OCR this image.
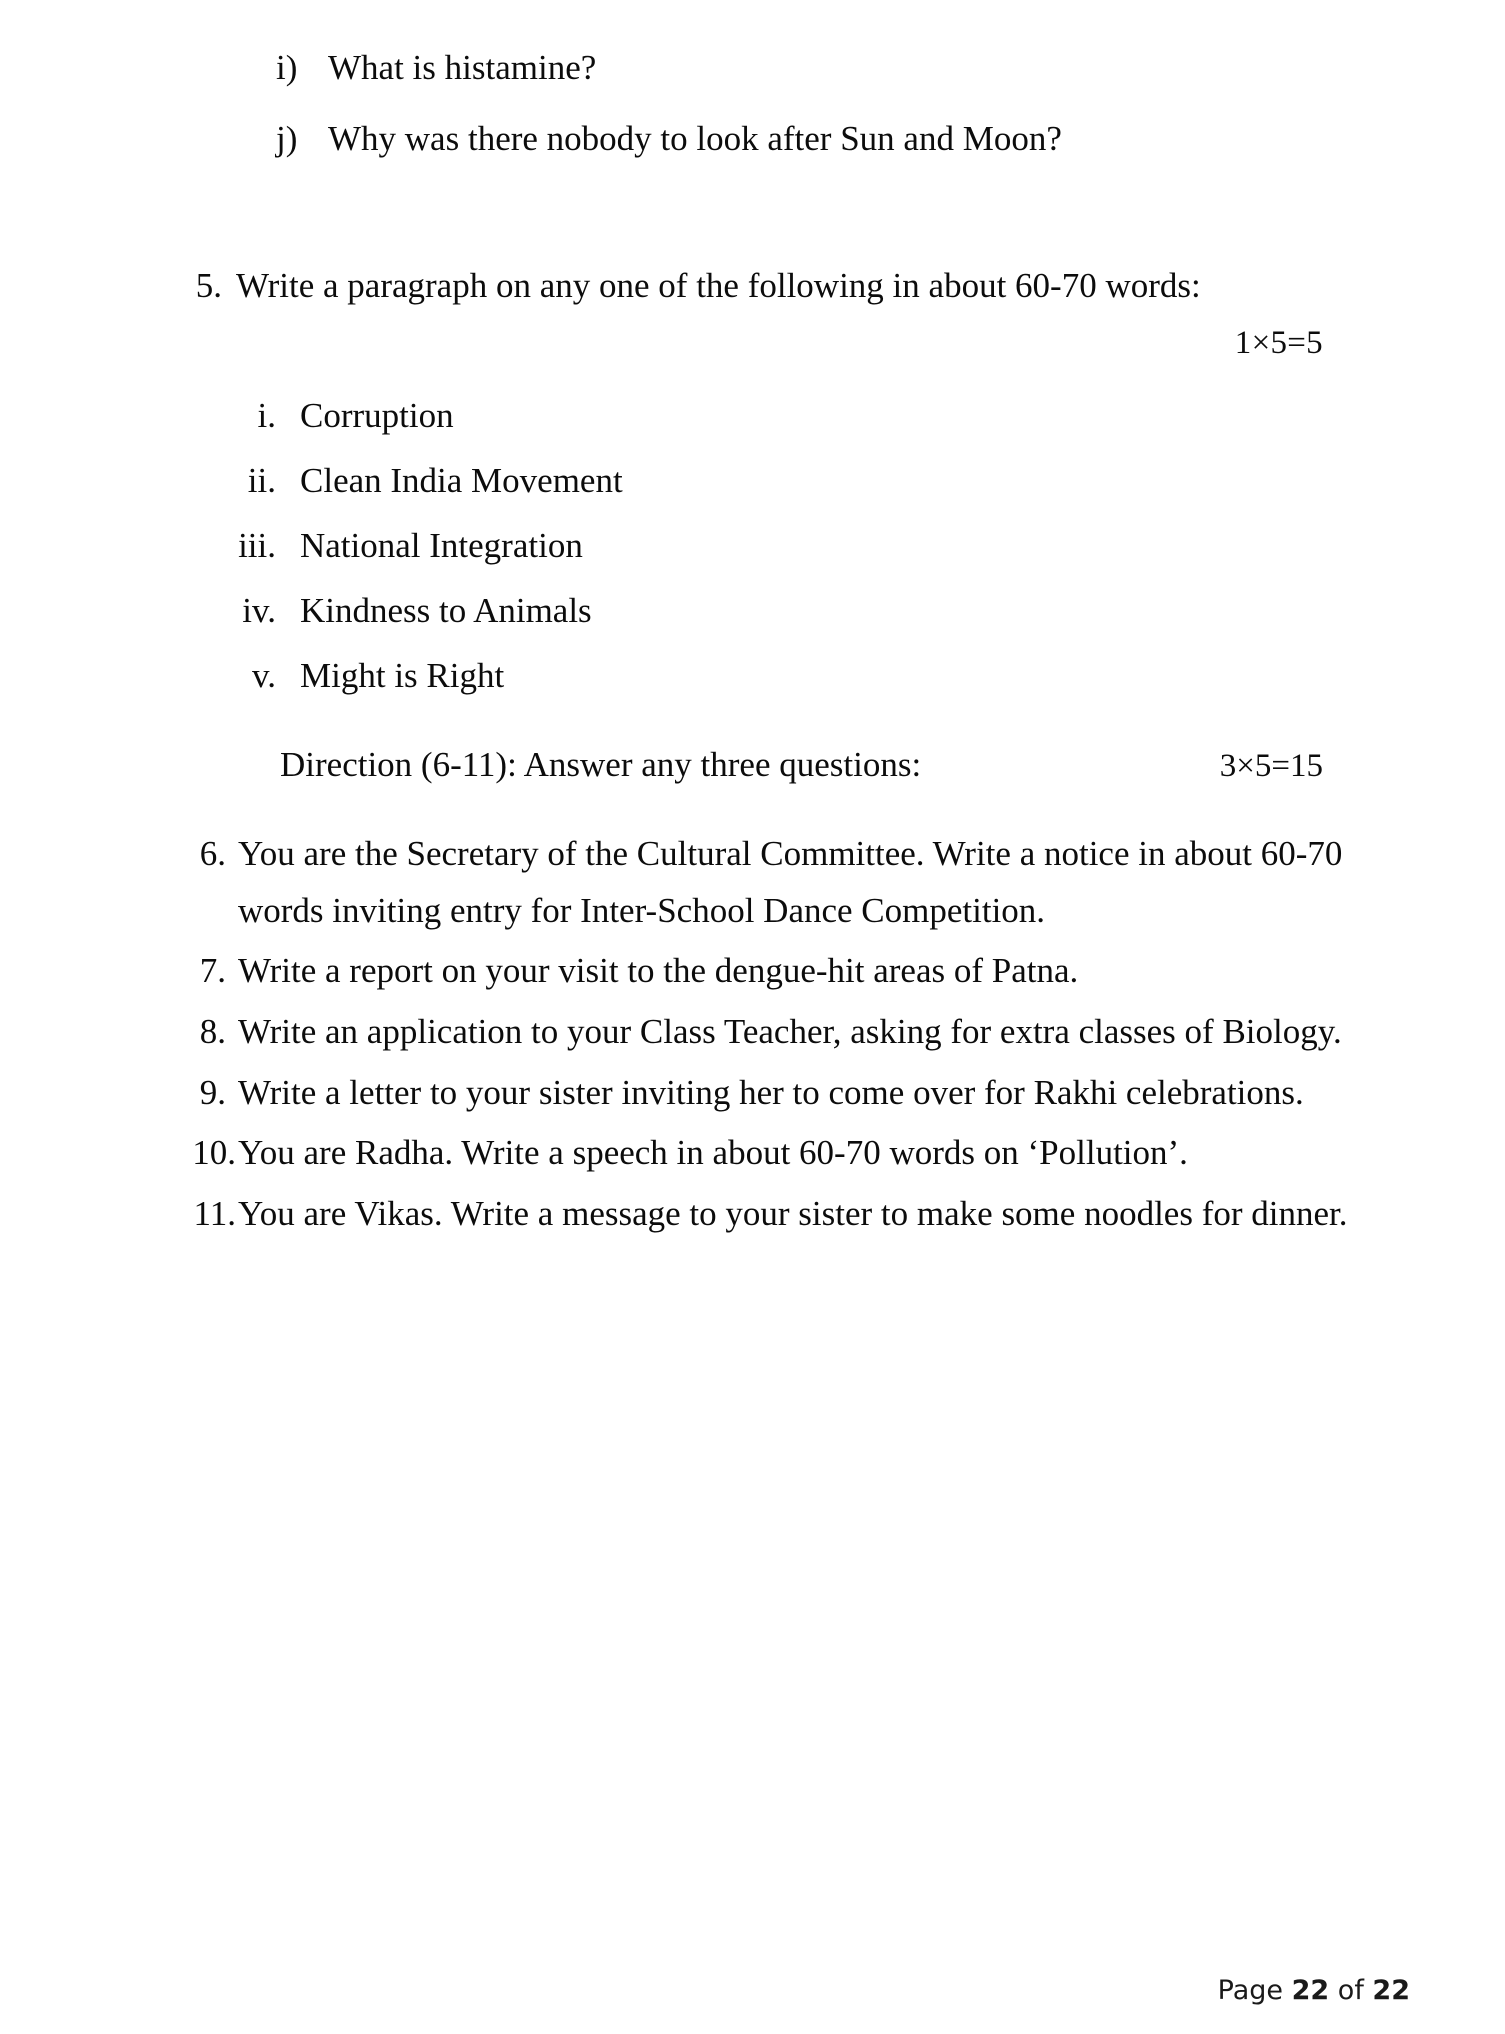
i) What is histamine?
j) Why was there nobody to look after Sun and Moon?
5. Write a paragraph on any one of the following in about 60-70 words:
1×5=5
i. Corruption
ii. Clean India Movement
iii. National Integration
iv. Kindness to Animals
v. Might is Right
Direction (6-11): Answer any three questions:	3×5=15
6. You are the Secretary of the Cultural Committee. Write a notice in about 60-70 words inviting entry for Inter-School Dance Competition.
7. Write a report on your visit to the dengue-hit areas of Patna.
8. Write an application to your Class Teacher, asking for extra classes of Biology.
9. Write a letter to your sister inviting her to come over for Rakhi celebrations.
10. You are Radha. Write a speech in about 60-70 words on ‘Pollution’.
11. You are Vikas. Write a message to your sister to make some noodles for dinner.
Page 22 of 22
